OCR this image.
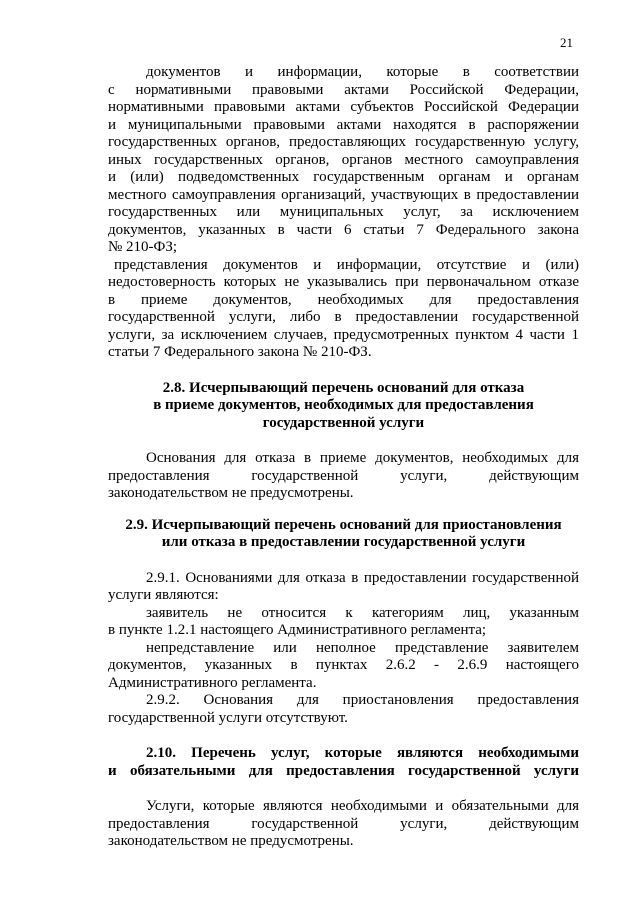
21

документов и информации, которые в соответствии

с нормативными правовыми актами Российской Федерации,

нормативными правовыми актами субъектов Российской Федерации

и муниципальными правовыми актами находятся в распоряжении

государственных органов, предоставляющих государственную услугу,

иных государственных органов, органов местного самоуправления

и (или) подведомственных государственным органам и органам

местного самоуправления организаций, участвующих в предоставлении

государственных или муниципальных услуг, за исключением

документов, указанных в части 6 статьи 7 Федерального закона

№ 210-ФЗ;

представления документов и информации, отсутствие и (или)

недостоверность которых не указывались при первоначальном отказе

в приеме документов, необходимых для предоставления

государственной услуги, либо в предоставлении государственной

услуги, за исключением случаев, предусмотренных пунктом 4 части 1

статьи 7 Федерального закона № 210-ФЗ.

2.8. Исчерпывающий перечень оснований для отказа

в приеме документов, необходимых для предоставления

государственной услуги

Основания для отказа в приеме документов, необходимых для

предоставления государственной услуги, действующим

законодательством не предусмотрены.

2.9. Исчерпывающий перечень оснований для приостановления

или отказа в предоставлении государственной услуги

2.9.1. Основаниями для отказа в предоставлении государственной

услуги являются:

заявитель не относится к категориям лиц, указанным

в пункте 1.2.1 настоящего Административного регламента;

непредставление или неполное представление заявителем

документов, указанных в пунктах 2.6.2 - 2.6.9 настоящего

Административного регламента.

2.9.2. Основания для приостановления предоставления

государственной услуги отсутствуют.

2.10. Перечень услуг, которые являются необходимыми

и обязательными для предоставления государственной услуги

Услуги, которые являются необходимыми и обязательными для

предоставления государственной услуги, действующим

законодательством не предусмотрены.
